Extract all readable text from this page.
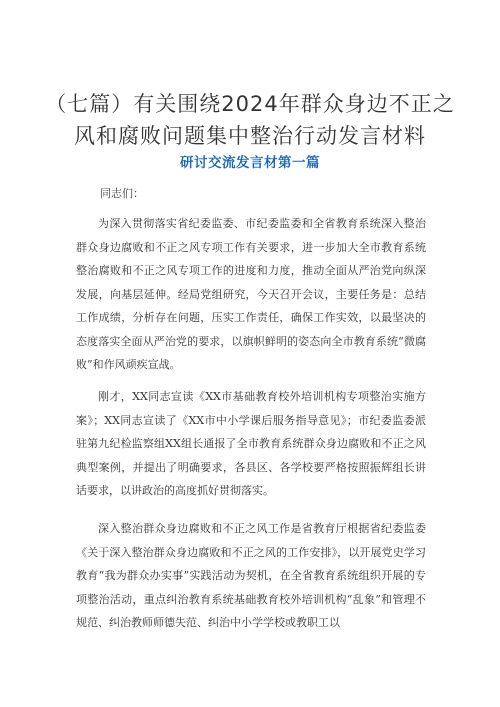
（七篇）有关围绕2024年群众身边不正之
风和腐败问题集中整治行动发言材料
研讨交流发言材第一篇
同志们：

为深入贯彻落实省纪委监委、市纪委监委和全省教育系统深入整治群众身边腐败和不正之风专项工作有关要求，进一步加大全市教育系统整治腐败和不正之风专项工作的进度和力度，推动全面从严治党向纵深发展，向基层延伸。经局党组研究，今天召开会议，主要任务是：总结工作成绩，分析存在问题，压实工作责任，确保工作实效，以最坚决的态度落实全面从严治党的要求，以旗帜鲜明的姿态向全市教育系统“微腐败”和作风顽疾宣战。

刚才，XX同志宣读《XX市基础教育校外培训机构专项整治实施方案》；XX同志宣读了《XX市中小学课后服务指导意见》；市纪委监委派驻第九纪检监察组XX组长通报了全市教育系统群众身边腐败和不正之风典型案例，并提出了明确要求，各县区、各学校要严格按照振辉组长讲话要求，以讲政治的高度抓好贯彻落实。

深入整治群众身边腐败和不正之风工作是省教育厅根据省纪委监委《关于深入整治群众身边腐败和不正之风的工作安排》，以开展党史学习教育“我为群众办实事”实践活动为契机，在全省教育系统组织开展的专项整治活动，重点纠治教育系统基础教育校外培训机构“乱象”和管理不规范、纠治教师师德失范、纠治中小学学校或教职工以
